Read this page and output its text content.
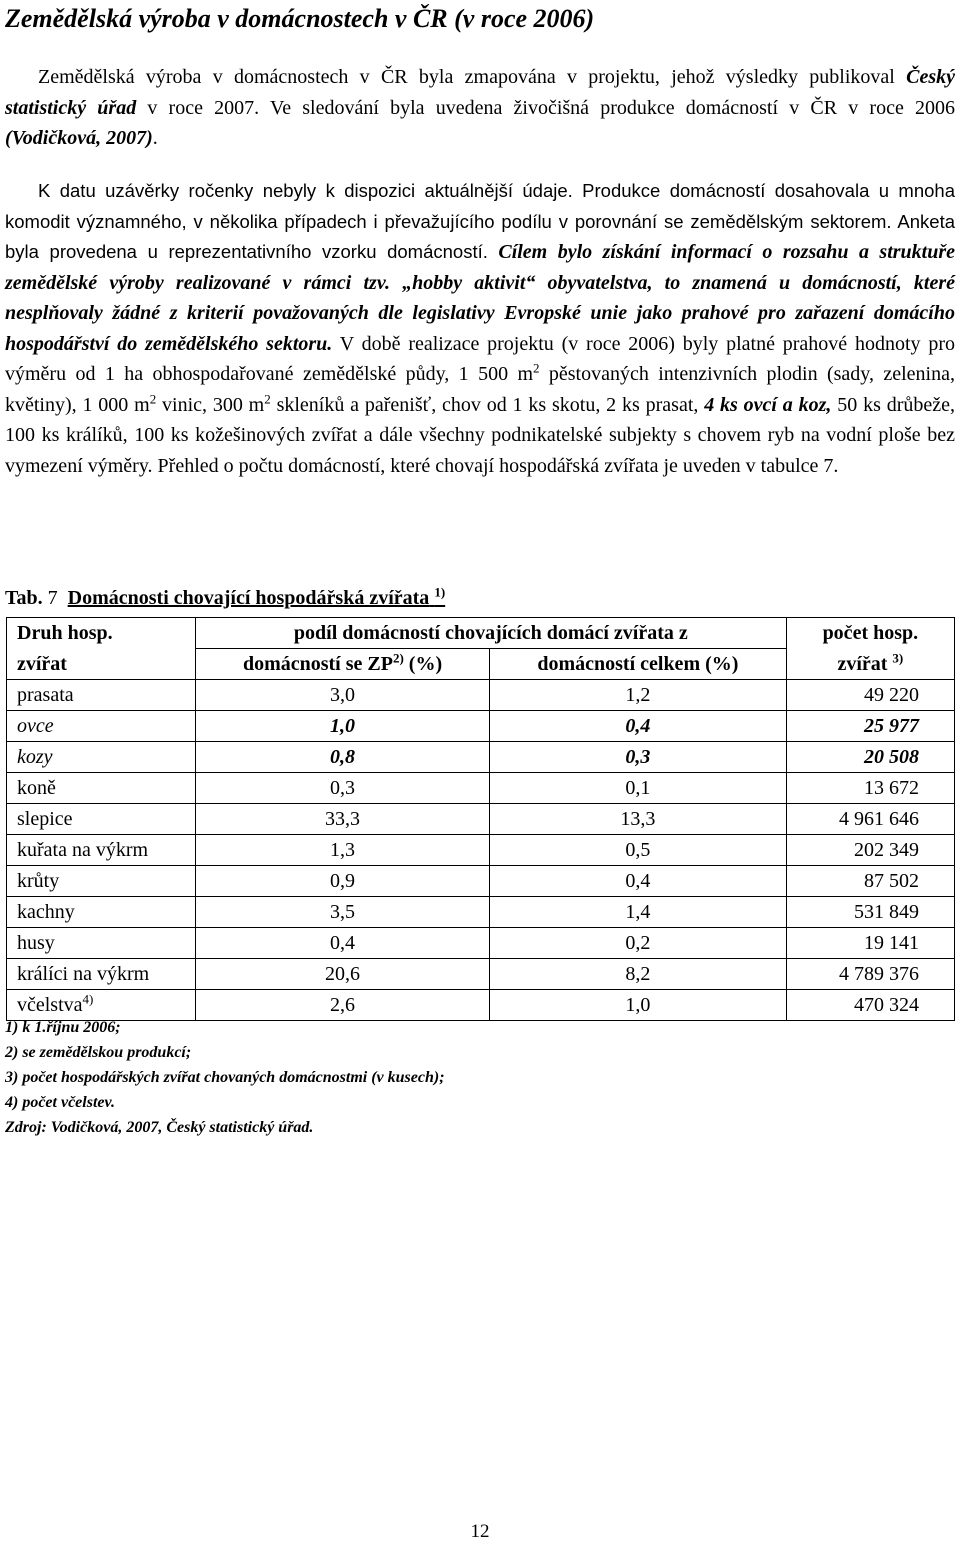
Zemědělská výroba v domácnostech v ČR (v roce 2006)

Zemědělská výroba v domácnostech v ČR byla zmapována v projektu, jehož výsledky publikoval Český statistický úřad v roce 2007. Ve sledování byla uvedena živočišná produkce domácností v ČR v roce 2006 (Vodičková, 2007).

K datu uzávěrky ročenky nebyly k dispozici aktuálnější údaje. Produkce domácností dosahovala u mnoha komodit významného, v několika případech i převažujícího podílu v porovnání se zemědělským sektorem. Anketa byla provedena u reprezentativního vzorku domácností. Cílem bylo získání informací o rozsahu a struktuře zemědělské výroby realizované v rámci tzv. „hobby aktivit“ obyvatelstva, to znamená u domácností, které nesplňovaly žádné z kriterií považovaných dle legislativy Evropské unie jako prahové pro zařazení domácího hospodářství do zemědělského sektoru. V době realizace projektu (v roce 2006) byly platné prahové hodnoty pro výměru od 1 ha obhospodařované zemědělské půdy, 1 500 $m^2$ pěstovaných intenzivních plodin (sady, zelenina, květiny), 1 000 $m^2$ vinic, 300 $m^2$ skleníků a pařenišť, chov od 1 ks skotu, 2 ks prasat, 4 ks ovcí a koz, 50 ks drůbeže, 100 ks králíků, 100 ks kožešinových zvířat a dále všechny podnikatelské subjekty s chovem ryb na vodní ploše bez vymezení výměry. Přehled o počtu domácností, které chovají hospodářská zvířata je uveden v tabulce 7.

Tab. 7 Domácnosti chovající hospodářská zvířata $^{1)}$

Druh hosp.	podíl domácností chovajících domácí zvířata z		počet hosp.
zvířat	domácností se ZP$^{2)}$ (%)	domácností celkem (%)	zvířat $^{3)}$
prasata	3,0	1,2	49 220
ovce	1,0	0,4	25 977
kozy	0,8	0,3	20 508
koně	0,3	0,1	13 672
slepice	33,3	13,3	4 961 646
kuřata na výkrm	1,3	0,5	202 349
krůty	0,9	0,4	87 502
kachny	3,5	1,4	531 849
husy	0,4	0,2	19 141
králíci na výkrm	20,6	8,2	4 789 376
včelstva$^{4)}$	2,6	1,0	470 324
1) k 1.říjnu 2006;
2) se zemědělskou produkcí;
3) počet hospodářských zvířat chovaných domácnostmi (v kusech);
4) počet včelstev.
Zdroj: Vodičková, 2007, Český statistický úřad.
12
